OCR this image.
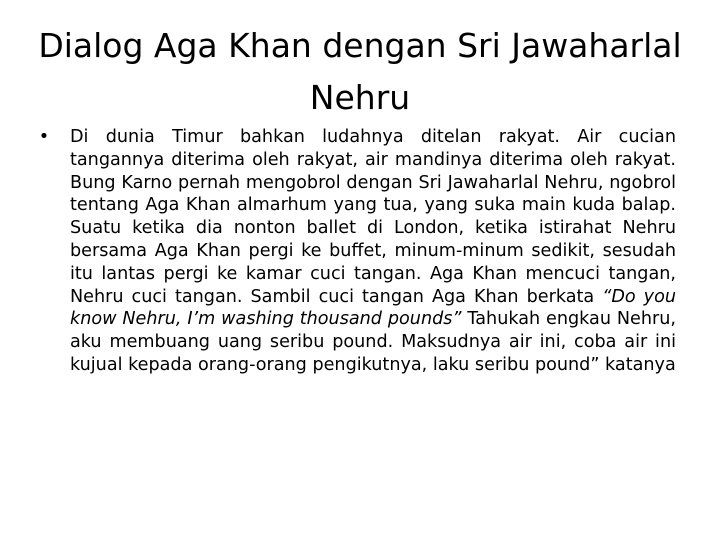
Dialog Aga Khan dengan Sri Jawaharlal Nehru
• Di dunia Timur bahkan ludahnya ditelan rakyat. Air cucian tangannya diterima oleh rakyat, air mandinya diterima oleh rakyat. Bung Karno pernah mengobrol dengan Sri Jawaharlal Nehru, ngobrol tentang Aga Khan almarhum yang tua, yang suka main kuda balap. Suatu ketika dia nonton ballet di London, ketika istirahat Nehru bersama Aga Khan pergi ke buffet, minum-minum sedikit, sesudah itu lantas pergi ke kamar cuci tangan. Aga Khan mencuci tangan, Nehru cuci tangan. Sambil cuci tangan Aga Khan berkata “Do you know Nehru, I’m washing thousand pounds” Tahukah engkau Nehru, aku membuang uang seribu pound. Maksudnya air ini, coba air ini kujual kepada orang-orang pengikutnya, laku seribu pound” katanya
